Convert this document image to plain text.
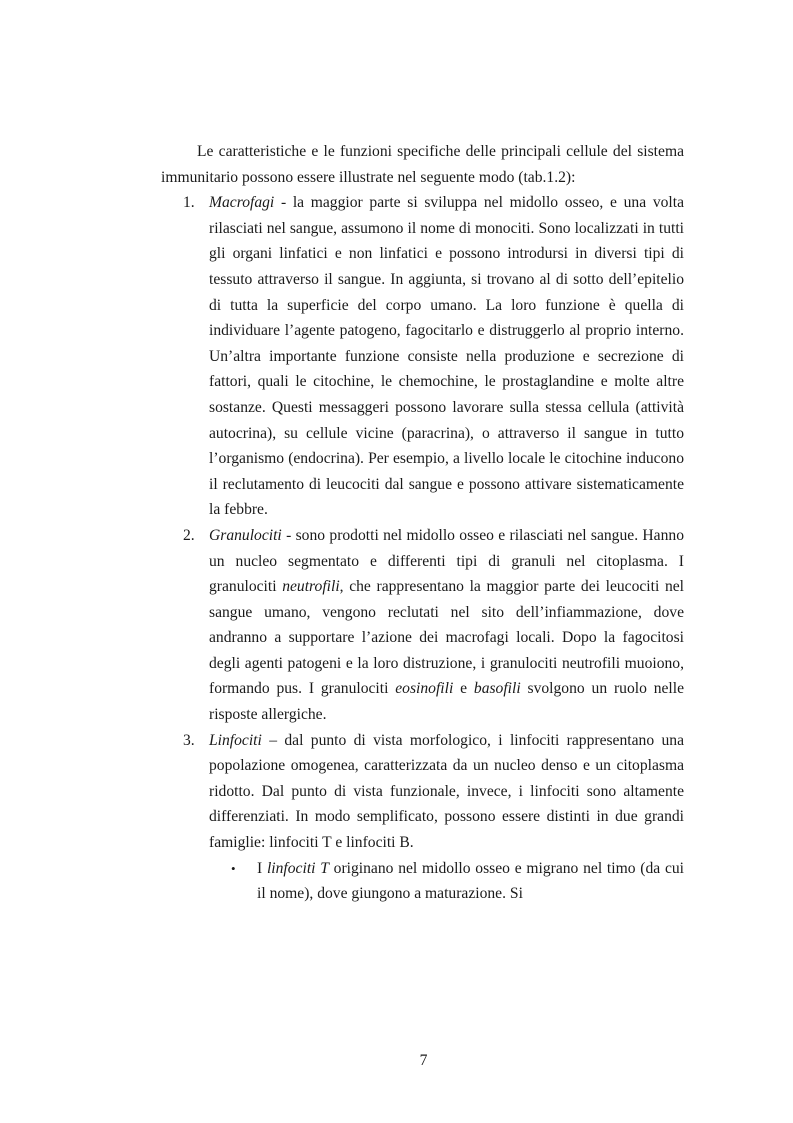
Le caratteristiche e le funzioni specifiche delle principali cellule del sistema immunitario possono essere illustrate nel seguente modo (tab.1.2):

1. Macrofagi - la maggior parte si sviluppa nel midollo osseo, e una volta rilasciati nel sangue, assumono il nome di monociti. Sono localizzati in tutti gli organi linfatici e non linfatici e possono introdursi in diversi tipi di tessuto attraverso il sangue. In aggiunta, si trovano al di sotto dell’epitelio di tutta la superficie del corpo umano. La loro funzione è quella di individuare l’agente patogeno, fagocitarlo e distruggerlo al proprio interno. Un’altra importante funzione consiste nella produzione e secrezione di fattori, quali le citochine, le chemochine, le prostaglandine e molte altre sostanze. Questi messaggeri possono lavorare sulla stessa cellula (attività autocrina), su cellule vicine (paracrina), o attraverso il sangue in tutto l’organismo (endocrina). Per esempio, a livello locale le citochine inducono il reclutamento di leucociti dal sangue e possono attivare sistematicamente la febbre.
2. Granulociti - sono prodotti nel midollo osseo e rilasciati nel sangue. Hanno un nucleo segmentato e differenti tipi di granuli nel citoplasma. I granulociti neutrofili, che rappresentano la maggior parte dei leucociti nel sangue umano, vengono reclutati nel sito dell’infiammazione, dove andranno a supportare l’azione dei macrofagi locali. Dopo la fagocitosi degli agenti patogeni e la loro distruzione, i granulociti neutrofili muoiono, formando pus. I granulociti eosinofili e basofili svolgono un ruolo nelle risposte allergiche.
3. Linfociti – dal punto di vista morfologico, i linfociti rappresentano una popolazione omogenea, caratterizzata da un nucleo denso e un citoplasma ridotto. Dal punto di vista funzionale, invece, i linfociti sono altamente differenziati. In modo semplificato, possono essere distinti in due grandi famiglie: linfociti T e linfociti B.
• I linfociti T originano nel midollo osseo e migrano nel timo (da cui il nome), dove giungono a maturazione. Si
7
